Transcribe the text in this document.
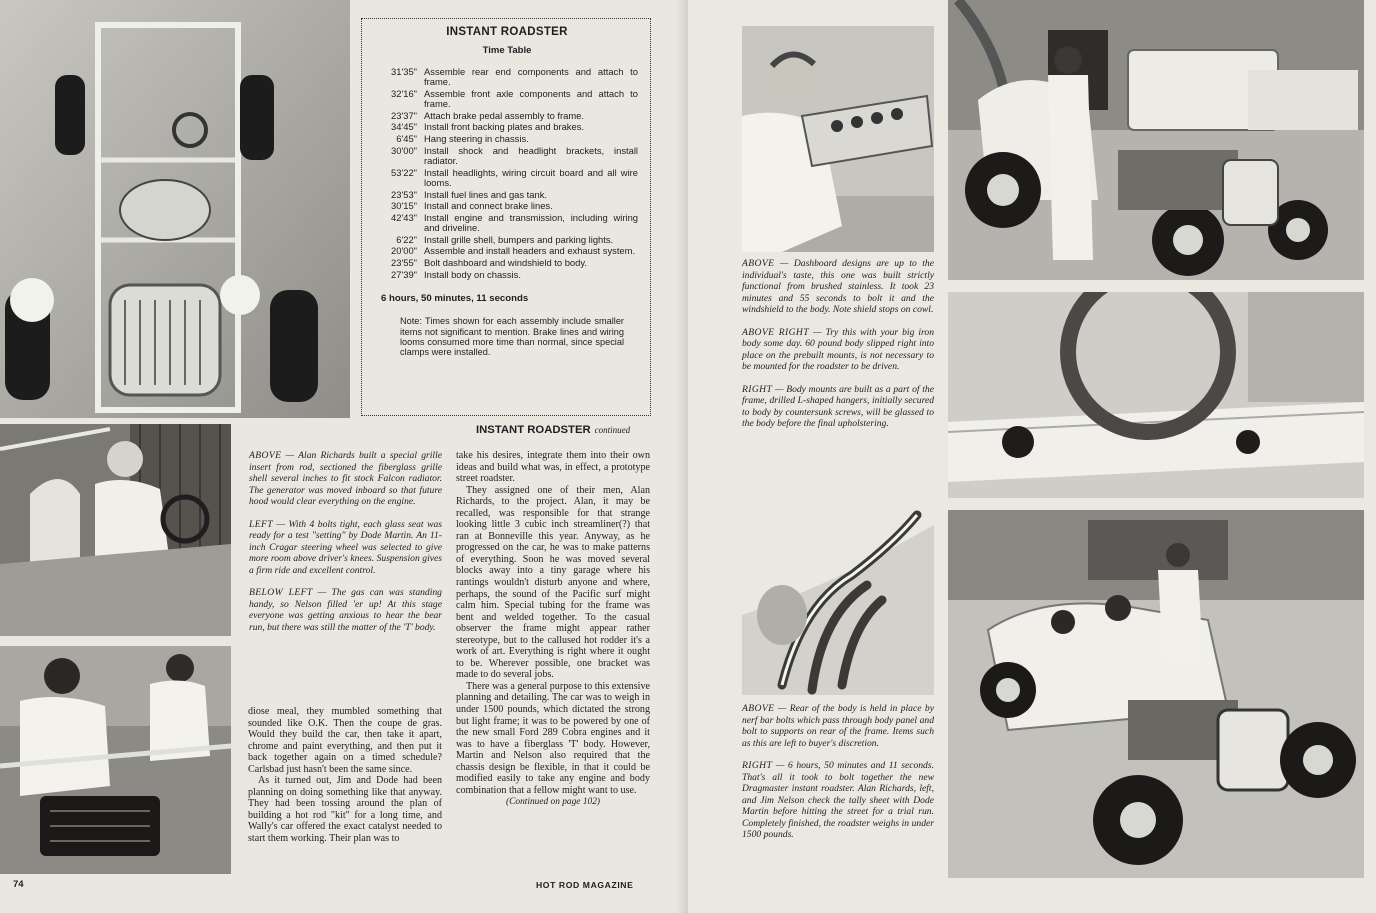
INSTANT ROADSTER
Time Table
31'35" Assemble rear end components and attach to frame.
32'16" Assemble front axle components and attach to frame.
23'37" Attach brake pedal assembly to frame.
34'45" Install front backing plates and brakes.
6'45" Hang steering in chassis.
30'00" Install shock and headlight brackets, install radiator.
53'22" Install headlights, wiring circuit board and all wire looms.
23'53" Install fuel lines and gas tank.
30'15" Install and connect brake lines.
42'43" Install engine and transmission, including wiring and driveline.
6'22" Install grille shell, bumpers and parking lights.
20'00" Assemble and install headers and exhaust system.
23'55" Bolt dashboard and windshield to body.
27'39" Install body on chassis.
6 hours, 50 minutes, 11 seconds
Note: Times shown for each assembly include smaller items not significant to mention. Brake lines and wiring looms consumed more time than normal, since special clamps were installed.
INSTANT ROADSTER continued

ABOVE — Alan Richards built a special grille insert from rod, sectioned the fiberglass grille shell several inches to fit stock Falcon radiator. The generator was moved inboard so that future hood would clear everything on the engine.

LEFT — With 4 bolts tight, each glass seat was ready for a test "setting" by Dode Martin. An 11-inch Cragar steering wheel was selected to give more room above driver's knees. Suspension gives a firm ride and excellent control.

BELOW LEFT — The gas can was standing handy, so Nelson filled 'er up! At this stage everyone was getting anxious to hear the bear run, but there was still the matter of the 'T' body.

diose meal, they mumbled something that sounded like O.K. Then the coupe de gras. Would they build the car, then take it apart, chrome and paint everything, and then put it back together again on a timed schedule? Carlsbad just hasn't been the same since.

As it turned out, Jim and Dode had been planning on doing something like that anyway. They had been tossing around the plan of building a hot rod "kit" for a long time, and Wally's car offered the exact catalyst needed to start them working. Their plan was to

take his desires, integrate them into their own ideas and build what was, in effect, a prototype street roadster.

They assigned one of their men, Alan Richards, to the project. Alan, it may be recalled, was responsible for that strange looking little 3 cubic inch streamliner(?) that ran at Bonneville this year. Anyway, as he progressed on the car, he was to make patterns of everything. Soon he was moved several blocks away into a tiny garage where his rantings wouldn't disturb anyone and where, perhaps, the sound of the Pacific surf might calm him. Special tubing for the frame was bent and welded together. To the casual observer the frame might appear rather stereotype, but to the callused hot rodder it's a work of art. Everything is right where it ought to be. Wherever possible, one bracket was made to do several jobs.

There was a general purpose to this extensive planning and detailing. The car was to weigh in under 1500 pounds, which dictated the strong but light frame; it was to be powered by one of the new small Ford 289 Cobra engines and it was to have a fiberglass 'T' body. However, Martin and Nelson also required that the chassis design be flexible, in that it could be modified easily to take any engine and body combination that a fellow might want to use.

(Continued on page 102)
74	HOT ROD MAGAZINE

ABOVE — Dashboard designs are up to the individual's taste, this one was built strictly functional from brushed stainless. It took 23 minutes and 55 seconds to bolt it and the windshield to the body. Note shield stops on cowl.

ABOVE RIGHT — Try this with your big iron body some day. 60 pound body slipped right into place on the prebuilt mounts, is not necessary to be mounted for the roadster to be driven.

RIGHT — Body mounts are built as a part of the frame, drilled L-shaped hangers, initially secured to body by countersunk screws, will be glassed to the body before the final upholstering.

ABOVE — Rear of the body is held in place by nerf bar bolts which pass through body panel and bolt to supports on rear of the frame. Items such as this are left to buyer's discretion.

RIGHT — 6 hours, 50 minutes and 11 seconds. That's all it took to bolt together the new Dragmaster instant roadster. Alan Richards, left, and Jim Nelson check the tally sheet with Dode Martin before hitting the street for a trial run. Completely finished, the roadster weighs in under 1500 pounds.
